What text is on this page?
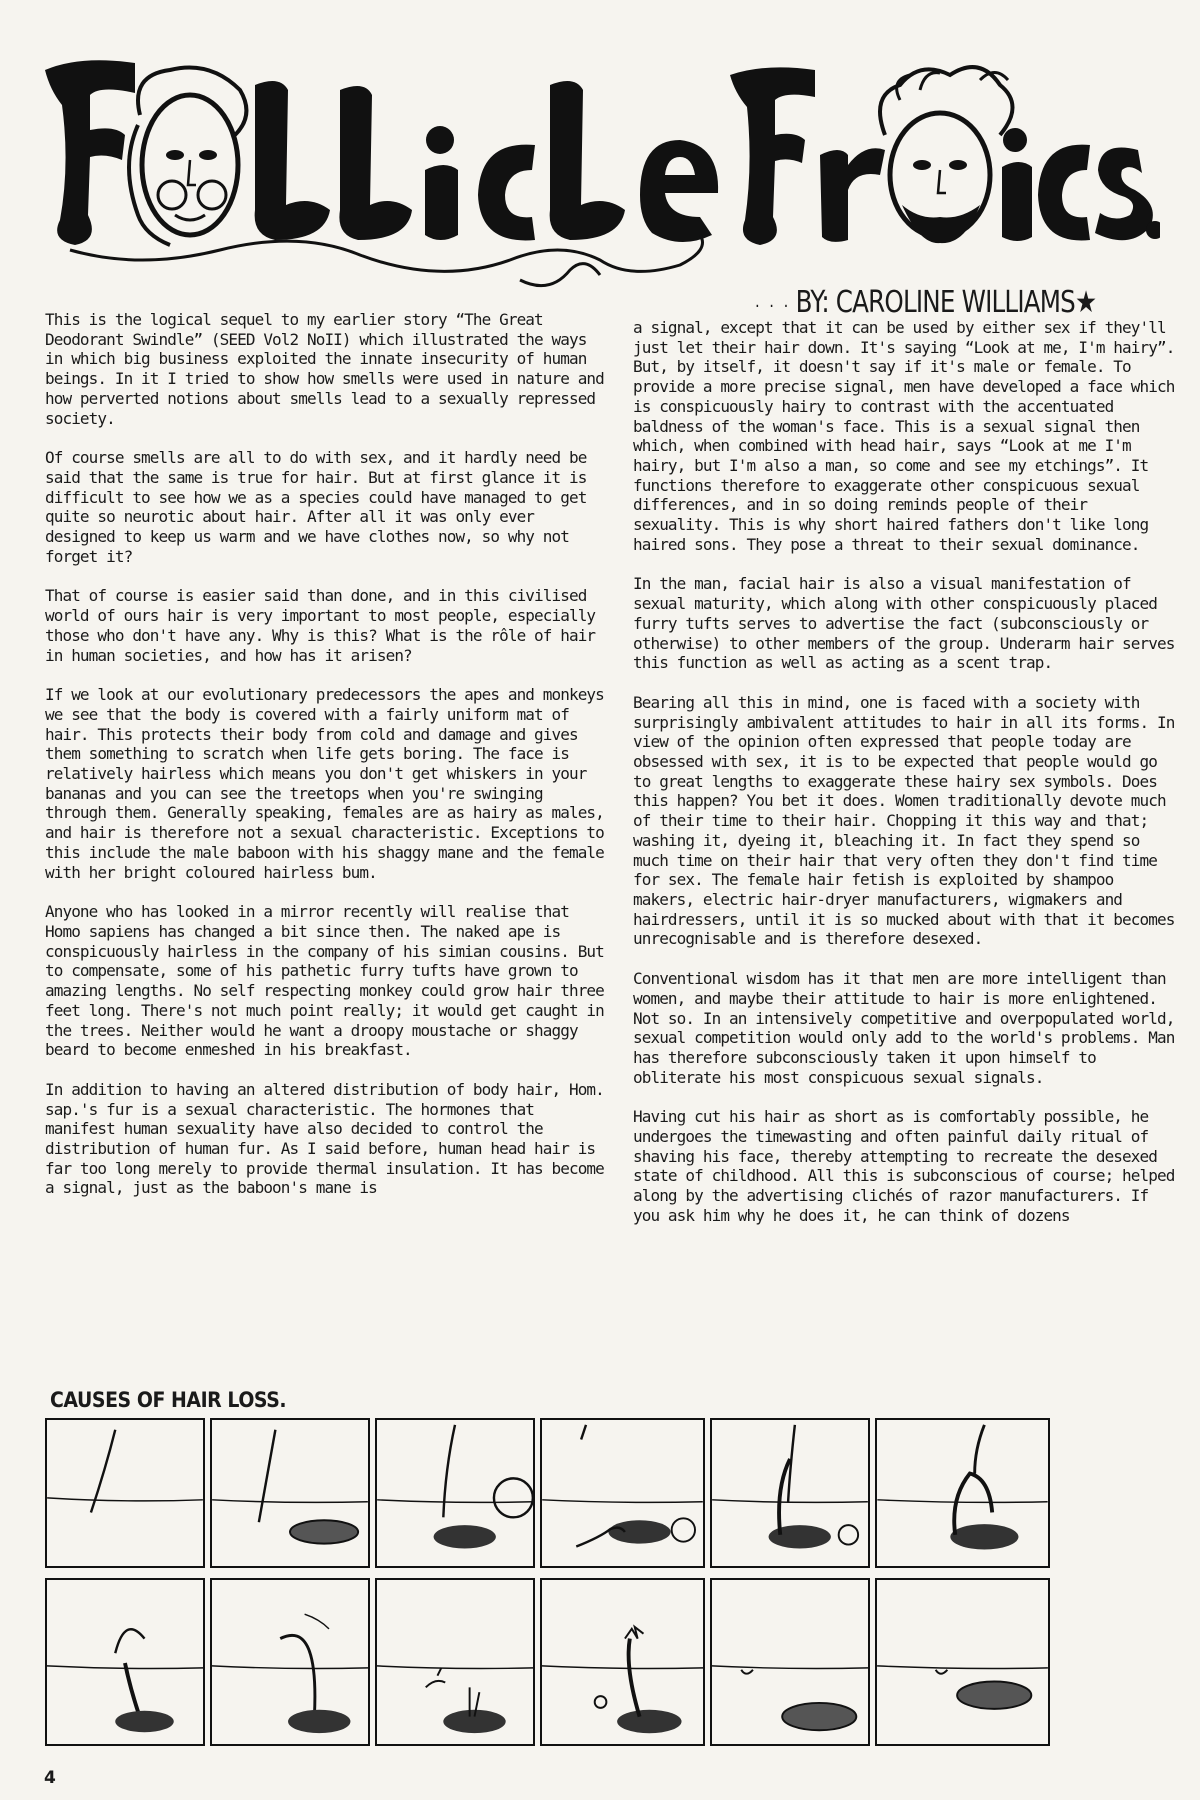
· · · BY: CAROLINE WILLIAMS★

This is the logical sequel to my earlier story “The Great Deodorant Swindle” (SEED Vol2 NoII) which illustrated the ways in which big business exploited the innate insecurity of human beings. In it I tried to show how smells were used in nature and how perverted notions about smells lead to a sexually repressed society.

Of course smells are all to do with sex, and it hardly need be said that the same is true for hair. But at first glance it is difficult to see how we as a species could have managed to get quite so neurotic about hair. After all it was only ever designed to keep us warm and we have clothes now, so why not forget it?

That of course is easier said than done, and in this civilised world of ours hair is very important to most people, especially those who don't have any. Why is this? What is the rôle of hair in human societies, and how has it arisen?

If we look at our evolutionary predecessors the apes and monkeys we see that the body is covered with a fairly uniform mat of hair. This protects their body from cold and damage and gives them something to scratch when life gets boring. The face is relatively hairless which means you don't get whiskers in your bananas and you can see the treetops when you're swinging through them. Generally speaking, females are as hairy as males, and hair is therefore not a sexual characteristic. Exceptions to this include the male baboon with his shaggy mane and the female with her bright coloured hairless bum.

Anyone who has looked in a mirror recently will realise that Homo sapiens has changed a bit since then. The naked ape is conspicuously hairless in the company of his simian cousins. But to compensate, some of his pathetic furry tufts have grown to amazing lengths. No self respecting monkey could grow hair three feet long. There's not much point really; it would get caught in the trees. Neither would he want a droopy moustache or shaggy beard to become enmeshed in his breakfast.

In addition to having an altered distribution of body hair, Hom. sap.'s fur is a sexual characteristic. The hormones that manifest human sexuality have also decided to control the distribution of human fur. As I said before, human head hair is far too long merely to provide thermal insulation. It has become a signal, just as the baboon's mane is

a signal, except that it can be used by either sex if they'll just let their hair down. It's saying “Look at me, I'm hairy”. But, by itself, it doesn't say if it's male or female. To provide a more precise signal, men have developed a face which is conspicuously hairy to contrast with the accentuated baldness of the woman's face. This is a sexual signal then which, when combined with head hair, says “Look at me I'm hairy, but I'm also a man, so come and see my etchings”. It functions therefore to exaggerate other conspicuous sexual differences, and in so doing reminds people of their sexuality. This is why short haired fathers don't like long haired sons. They pose a threat to their sexual dominance.

In the man, facial hair is also a visual manifestation of sexual maturity, which along with other conspicuously placed furry tufts serves to advertise the fact (subconsciously or otherwise) to other members of the group. Underarm hair serves this function as well as acting as a scent trap.

Bearing all this in mind, one is faced with a society with surprisingly ambivalent attitudes to hair in all its forms. In view of the opinion often expressed that people today are obsessed with sex, it is to be expected that people would go to great lengths to exaggerate these hairy sex symbols. Does this happen? You bet it does. Women traditionally devote much of their time to their hair. Chopping it this way and that; washing it, dyeing it, bleaching it. In fact they spend so much time on their hair that very often they don't find time for sex. The female hair fetish is exploited by shampoo makers, electric hair-dryer manufacturers, wigmakers and hairdressers, until it is so mucked about with that it becomes unrecognisable and is therefore desexed.

Conventional wisdom has it that men are more intelligent than women, and maybe their attitude to hair is more enlightened. Not so. In an intensively competitive and overpopulated world, sexual competition would only add to the world's problems. Man has therefore subconsciously taken it upon himself to obliterate his most conspicuous sexual signals.

Having cut his hair as short as is comfortably possible, he undergoes the timewasting and often painful daily ritual of shaving his face, thereby attempting to recreate the desexed state of childhood. All this is subconscious of course; helped along by the advertising clichés of razor manufacturers. If you ask him why he does it, he can think of dozens

CAUSES OF HAIR LOSS.
4
